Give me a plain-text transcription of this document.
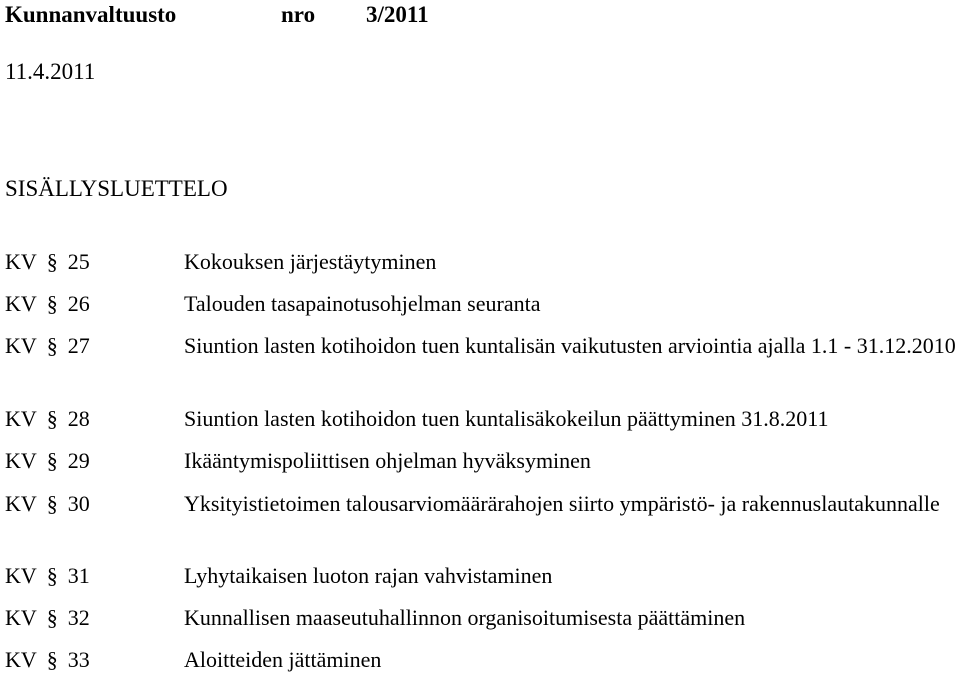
Kunnanvaltuusto	nro 3/2011
11.4.2011
SISÄLLYSLUETTELO
KV § 25	Kokouksen järjestäytyminen
KV § 26	Talouden tasapainotusohjelman seuranta
KV § 27	Siuntion lasten kotihoidon tuen kuntalisän vaikutusten arviointia ajalla 1.1 - 31.12.2010
KV § 28	Siuntion lasten kotihoidon tuen kuntalisäkokeilun päättyminen 31.8.2011
KV § 29	Ikääntymispoliittisen ohjelman hyväksyminen
KV § 30	Yksityistietoimen talousarviomäärärahojen siirto ympäristö- ja rakennuslautakunnalle
KV § 31	Lyhytaikaisen luoton rajan vahvistaminen
KV § 32	Kunnallisen maaseutuhallinnon organisoitumisesta päättäminen
KV § 33	Aloitteiden jättäminen
